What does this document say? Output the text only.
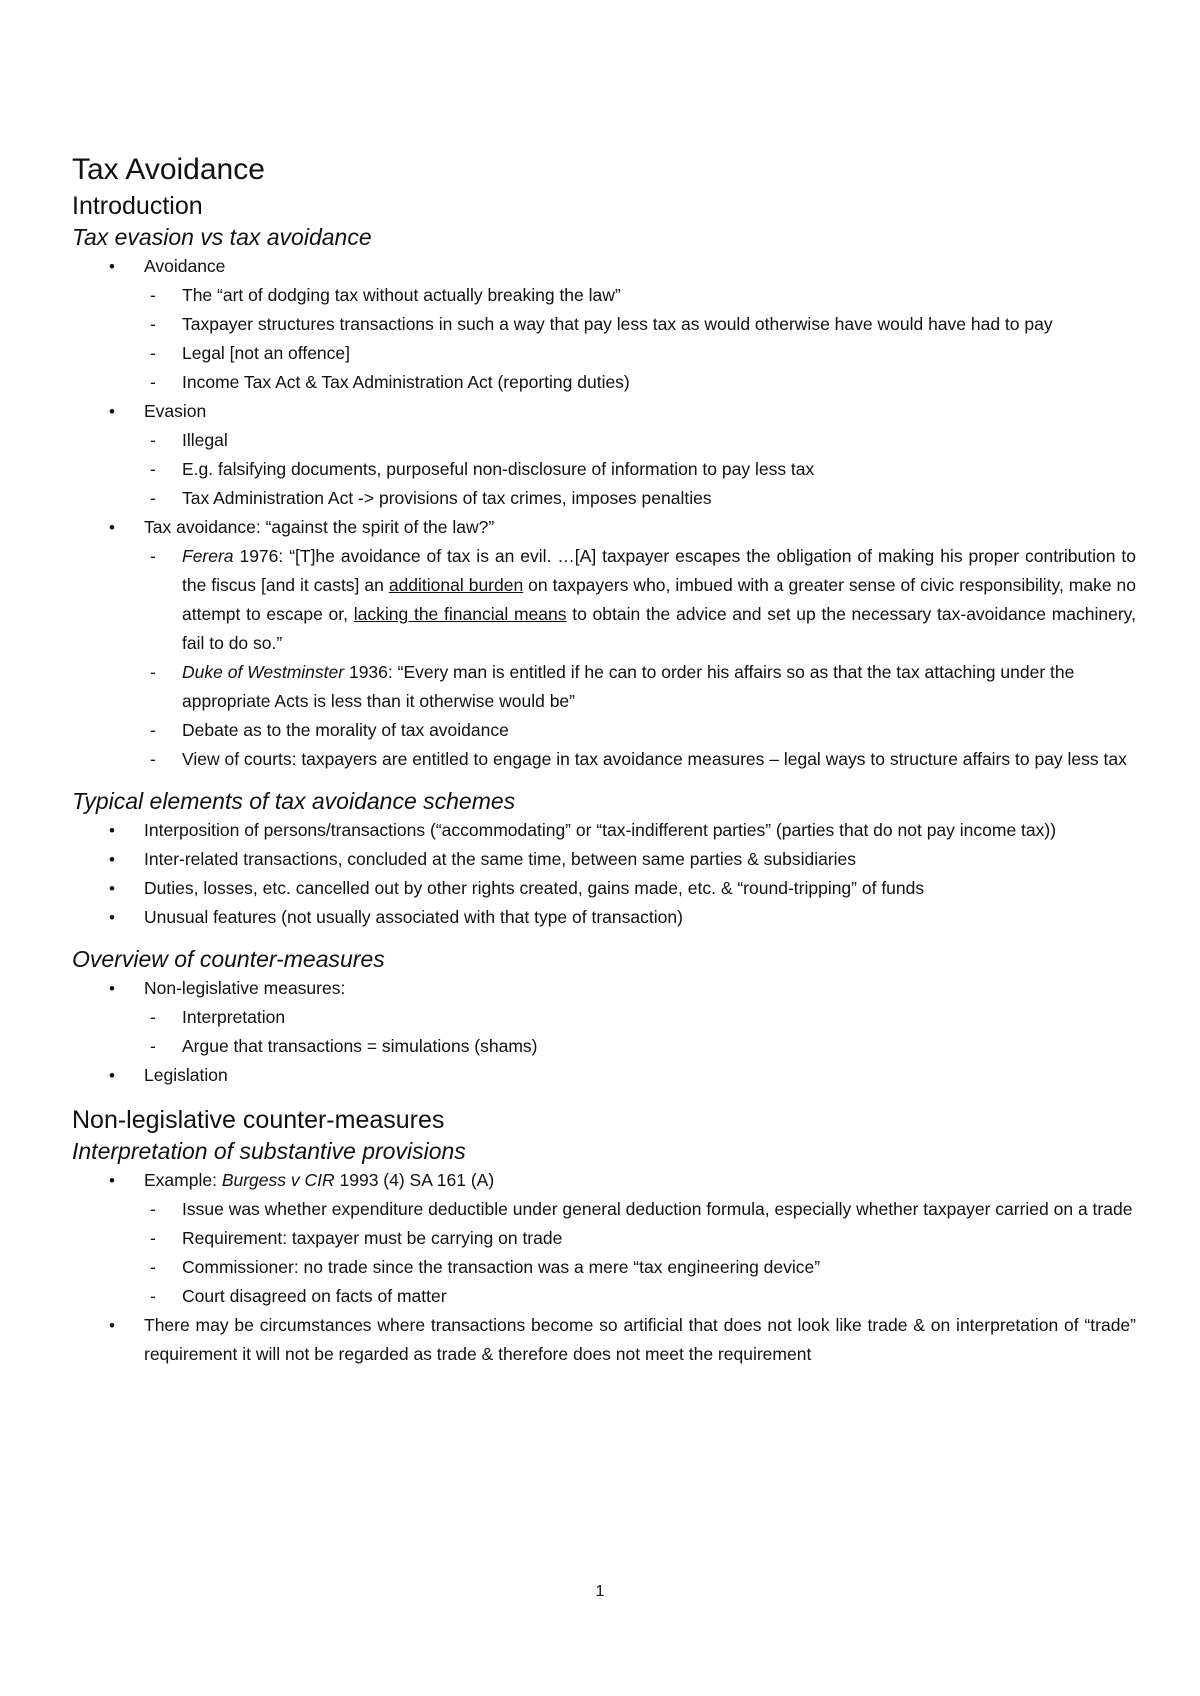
Tax Avoidance
Introduction
Tax evasion vs tax avoidance
• Avoidance
- The “art of dodging tax without actually breaking the law”
- Taxpayer structures transactions in such a way that pay less tax as would otherwise have would have had to pay
- Legal [not an offence]
- Income Tax Act & Tax Administration Act (reporting duties)
• Evasion
- Illegal
- E.g. falsifying documents, purposeful non-disclosure of information to pay less tax
- Tax Administration Act -> provisions of tax crimes, imposes penalties
• Tax avoidance: “against the spirit of the law?”
- Ferera 1976: “[T]he avoidance of tax is an evil. …[A] taxpayer escapes the obligation of making his proper contribution to the fiscus [and it casts] an additional burden on taxpayers who, imbued with a greater sense of civic responsibility, make no attempt to escape or, lacking the financial means to obtain the advice and set up the necessary tax-avoidance machinery, fail to do so.”
- Duke of Westminster 1936: “Every man is entitled if he can to order his affairs so as that the tax attaching under the appropriate Acts is less than it otherwise would be”
- Debate as to the morality of tax avoidance
- View of courts: taxpayers are entitled to engage in tax avoidance measures – legal ways to structure affairs to pay less tax
Typical elements of tax avoidance schemes
• Interposition of persons/transactions (“accommodating” or “tax-indifferent parties” (parties that do not pay income tax))
• Inter-related transactions, concluded at the same time, between same parties & subsidiaries
• Duties, losses, etc. cancelled out by other rights created, gains made, etc. & “round-tripping” of funds
• Unusual features (not usually associated with that type of transaction)
Overview of counter-measures
• Non-legislative measures:
- Interpretation
- Argue that transactions = simulations (shams)
• Legislation
Non-legislative counter-measures
Interpretation of substantive provisions
• Example: Burgess v CIR 1993 (4) SA 161 (A)
- Issue was whether expenditure deductible under general deduction formula, especially whether taxpayer carried on a trade
- Requirement: taxpayer must be carrying on trade
- Commissioner: no trade since the transaction was a mere “tax engineering device”
- Court disagreed on facts of matter
• There may be circumstances where transactions become so artificial that does not look like trade & on interpretation of “trade” requirement it will not be regarded as trade & therefore does not meet the requirement
1
